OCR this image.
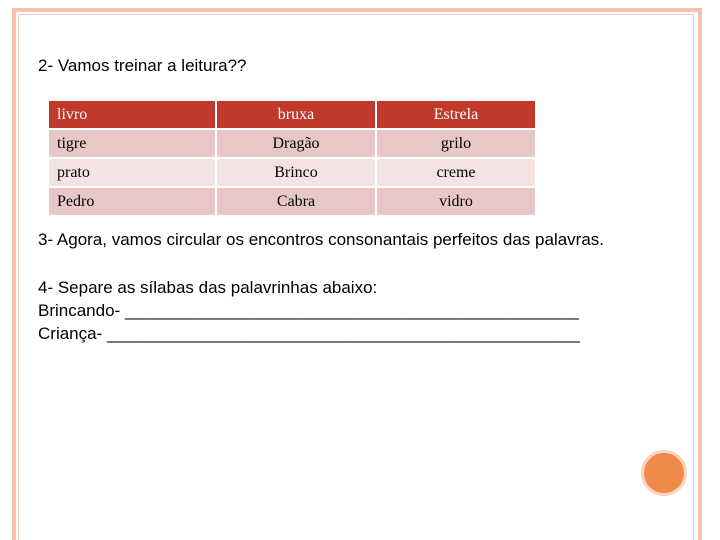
2- Vamos treinar a leitura??
livro	bruxa	Estrela
tigre	Dragão	grilo
prato	Brinco	creme
Pedro	Cabra	vidro
3- Agora, vamos circular os encontros consonantais perfeitos das palavras.
4- Separe as sílabas das palavrinhas abaixo:
Brincando- ________________________________________________
Criança- __________________________________________________
